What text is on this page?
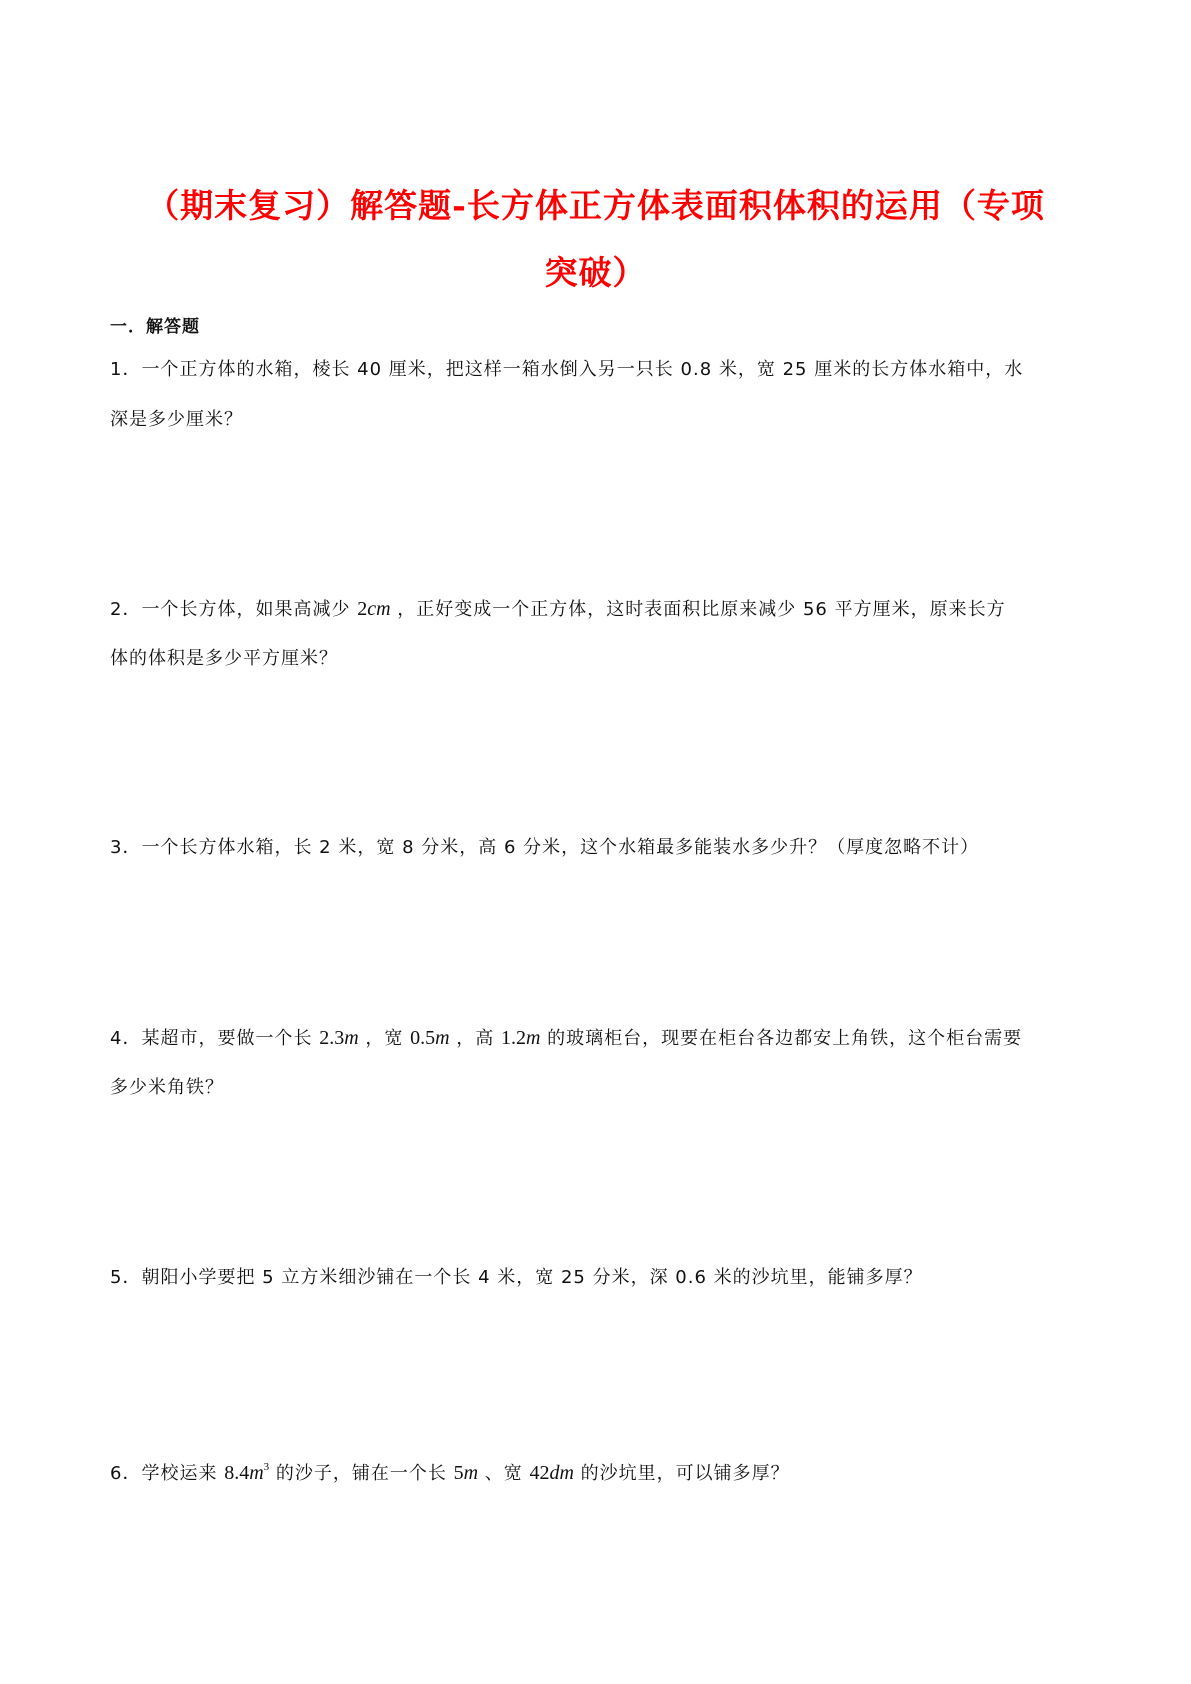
（期末复习）解答题-长方体正方体表面积体积的运用（专项
突破）
一．解答题
1．一个正方体的水箱，棱长 40 厘米，把这样一箱水倒入另一只长 0.8 米，宽 25 厘米的长方体水箱中，水
深是多少厘米？
2．一个长方体，如果高减少 2cm ，正好变成一个正方体，这时表面积比原来减少 56 平方厘米，原来长方
体的体积是多少平方厘米？
3．一个长方体水箱，长 2 米，宽 8 分米，高 6 分米，这个水箱最多能装水多少升？（厚度忽略不计）
4．某超市，要做一个长 2.3m ，宽 0.5m ，高 1.2m 的玻璃柜台，现要在柜台各边都安上角铁，这个柜台需要
多少米角铁？
5．朝阳小学要把 5 立方米细沙铺在一个长 4 米，宽 25 分米，深 0.6 米的沙坑里，能铺多厚？
6．学校运来 $8.4m^3$ 的沙子，铺在一个长 5m 、宽 42dm 的沙坑里，可以铺多厚？
